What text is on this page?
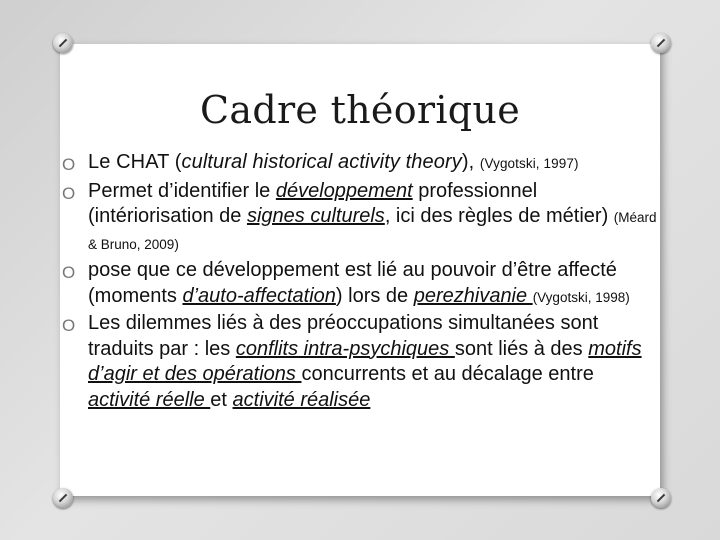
Cadre théorique
O Le CHAT (cultural historical activity theory), (Vygotski, 1997)
O Permet d’identifier le développement professionnel (intériorisation de signes culturels, ici des règles de métier) (Méard & Bruno, 2009)
O pose que ce développement est lié au pouvoir d’être affecté (moments d’auto-affectation) lors de perezhivanie (Vygotski, 1998)
O Les dilemmes liés à des préoccupations simultanées sont traduits par : les conflits intra-psychiques sont liés à des motifs d’agir et des opérations concurrents et au décalage entre activité réelle et activité réalisée
